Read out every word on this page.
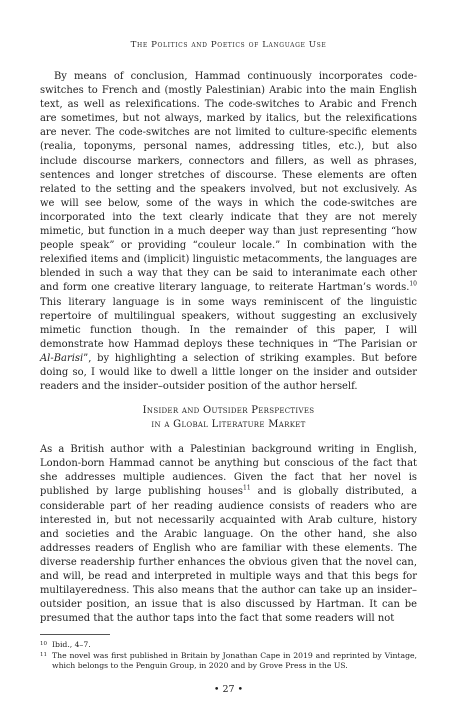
The Politics and Poetics of Language Use

By means of conclusion, Hammad continuously incorporates code-switches to French and (mostly Palestinian) Arabic into the main English text, as well as relexifications. The code-switches to Arabic and French are sometimes, but not always, marked by italics, but the relexifications are never. The code-switches are not limited to culture-specific elements (realia, toponyms, personal names, addressing titles, etc.), but also include discourse markers, connectors and fillers, as well as phrases, sentences and longer stretches of discourse. These elements are often related to the setting and the speakers involved, but not exclusively. As we will see below, some of the ways in which the code-switches are incorporated into the text clearly indicate that they are not merely mimetic, but function in a much deeper way than just representing “how people speak” or providing “couleur locale.” In combination with the relexified items and (implicit) linguistic metacomments, the languages are blended in such a way that they can be said to interanimate each other and form one creative literary language, to reiterate Hartman’s words.$^{10}$ This literary language is in some ways reminiscent of the linguistic repertoire of multilingual speakers, without suggesting an exclusively mimetic function though. In the remainder of this paper, I will demonstrate how Hammad deploys these techniques in “The Parisian or Al-Barisi”, by highlighting a selection of striking examples. But before doing so, I would like to dwell a little longer on the insider and outsider readers and the insider–outsider position of the author herself.

Insider and Outsider Perspectives
in a Global Literature Market

As a British author with a Palestinian background writing in English, London-born Hammad cannot be anything but conscious of the fact that she addresses multiple audiences. Given the fact that her novel is published by large publishing houses$^{11}$ and is globally distributed, a considerable part of her reading audience consists of readers who are interested in, but not necessarily acquainted with Arab culture, history and societies and the Arabic language. On the other hand, she also addresses readers of English who are familiar with these elements. The diverse readership further enhances the obvious given that the novel can, and will, be read and interpreted in multiple ways and that this begs for multilayeredness. This also means that the author can take up an insider–outsider position, an issue that is also discussed by Hartman. It can be presumed that the author taps into the fact that some readers will not

10 Ibid., 4–7.
11 The novel was first published in Britain by Jonathan Cape in 2019 and reprinted by Vintage, which belongs to the Penguin Group, in 2020 and by Grove Press in the US.
• 27 •
